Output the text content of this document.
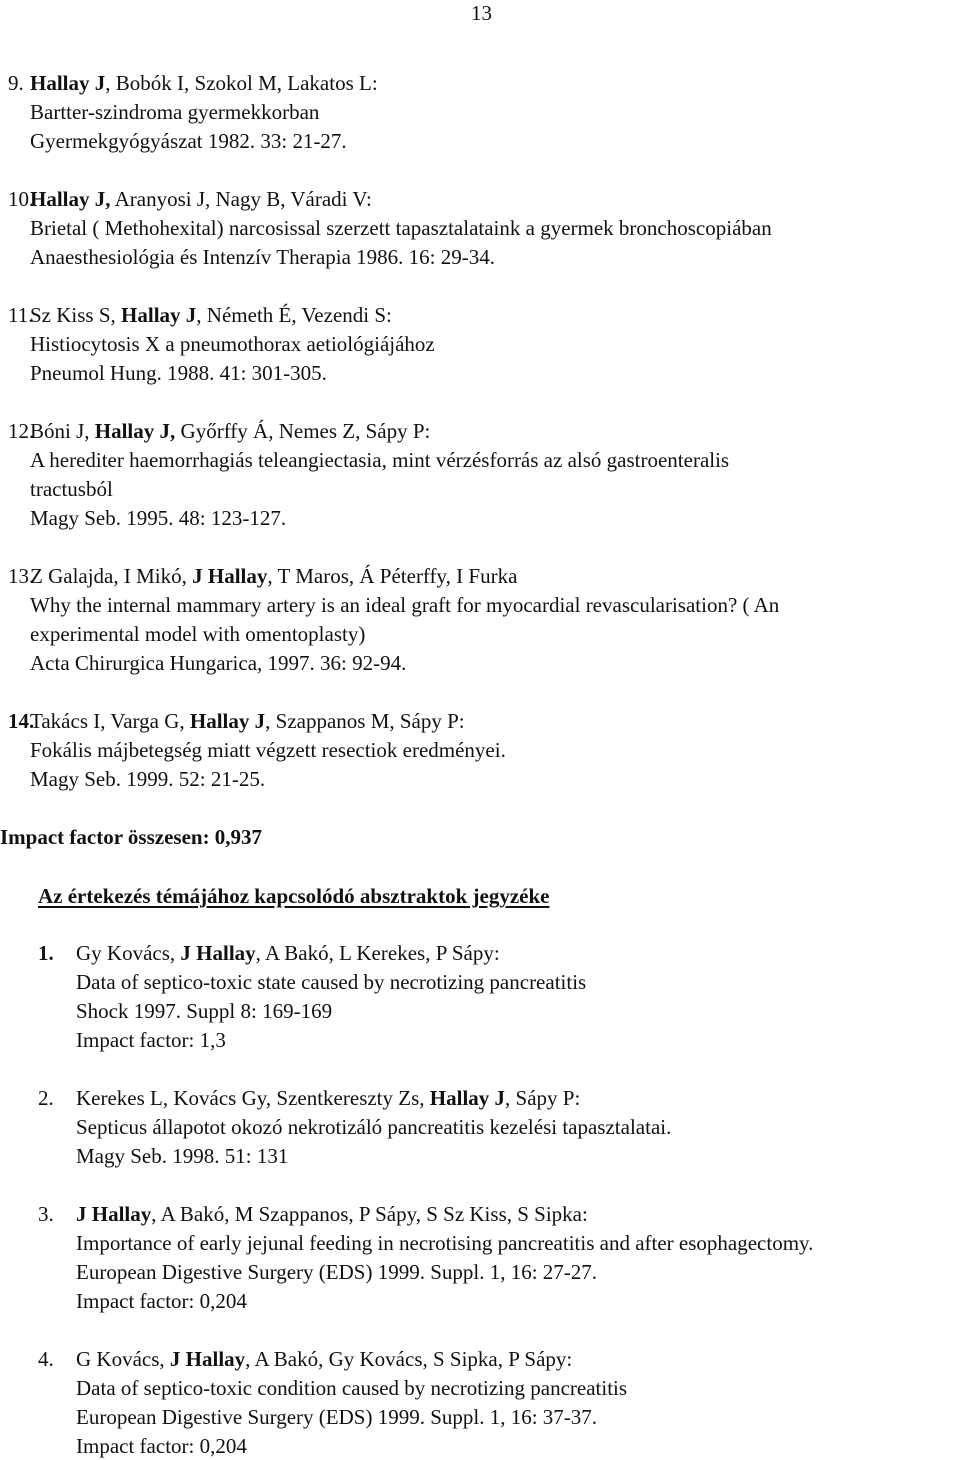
13
9. Hallay J, Bobók I, Szokol M, Lakatos L:
Bartter-szindroma gyermekkorban
Gyermekgyógyászat 1982. 33: 21-27.
10.
Hallay J, Aranyosi J, Nagy B, Váradi V:
Brietal ( Methohexital) narcosissal szerzett tapasztalataink a gyermek bronchoscopiában
Anaesthesiológia és Intenzív Therapia 1986. 16: 29-34.
11.
Sz Kiss S, Hallay J, Németh É, Vezendi S:
Histiocytosis X a pneumothorax aetiológiájához
Pneumol Hung. 1988. 41: 301-305.
12.
Bóni J, Hallay J, Győrffy Á, Nemes Z, Sápy P:
A herediter haemorrhagiás teleangiectasia, mint vérzésforrás az alsó gastroenteralis
tractusból
Magy Seb. 1995. 48: 123-127.
13.
Z Galajda, I Mikó, J Hallay, T Maros, Á Péterffy, I Furka
Why the internal mammary artery is an ideal graft for myocardial revascularisation? ( An
experimental model with omentoplasty)
Acta Chirurgica Hungarica, 1997. 36: 92-94.
14.
Takács I, Varga G, Hallay J, Szappanos M, Sápy P:
Fokális májbetegség miatt végzett resectiok eredményei.
Magy Seb. 1999. 52: 21-25.
Impact factor összesen: 0,937
Az értekezés témájához kapcsolódó absztraktok jegyzéke
1. Gy Kovács, J Hallay, A Bakó, L Kerekes, P Sápy:
Data of septico-toxic state caused by necrotizing pancreatitis
Shock 1997. Suppl 8: 169-169
Impact factor: 1,3
2. Kerekes L, Kovács Gy, Szentkereszty Zs, Hallay J, Sápy P:
Septicus állapotot okozó nekrotizáló pancreatitis kezelési tapasztalatai.
Magy Seb. 1998. 51: 131
3. J Hallay, A Bakó, M Szappanos, P Sápy, S Sz Kiss, S Sipka:
Importance of early jejunal feeding in necrotising pancreatitis and after esophagectomy.
European Digestive Surgery (EDS) 1999. Suppl. 1, 16: 27-27.
Impact factor: 0,204
4. G Kovács, J Hallay, A Bakó, Gy Kovács, S Sipka, P Sápy:
Data of septico-toxic condition caused by necrotizing pancreatitis
European Digestive Surgery (EDS) 1999. Suppl. 1, 16: 37-37.
Impact factor: 0,204
